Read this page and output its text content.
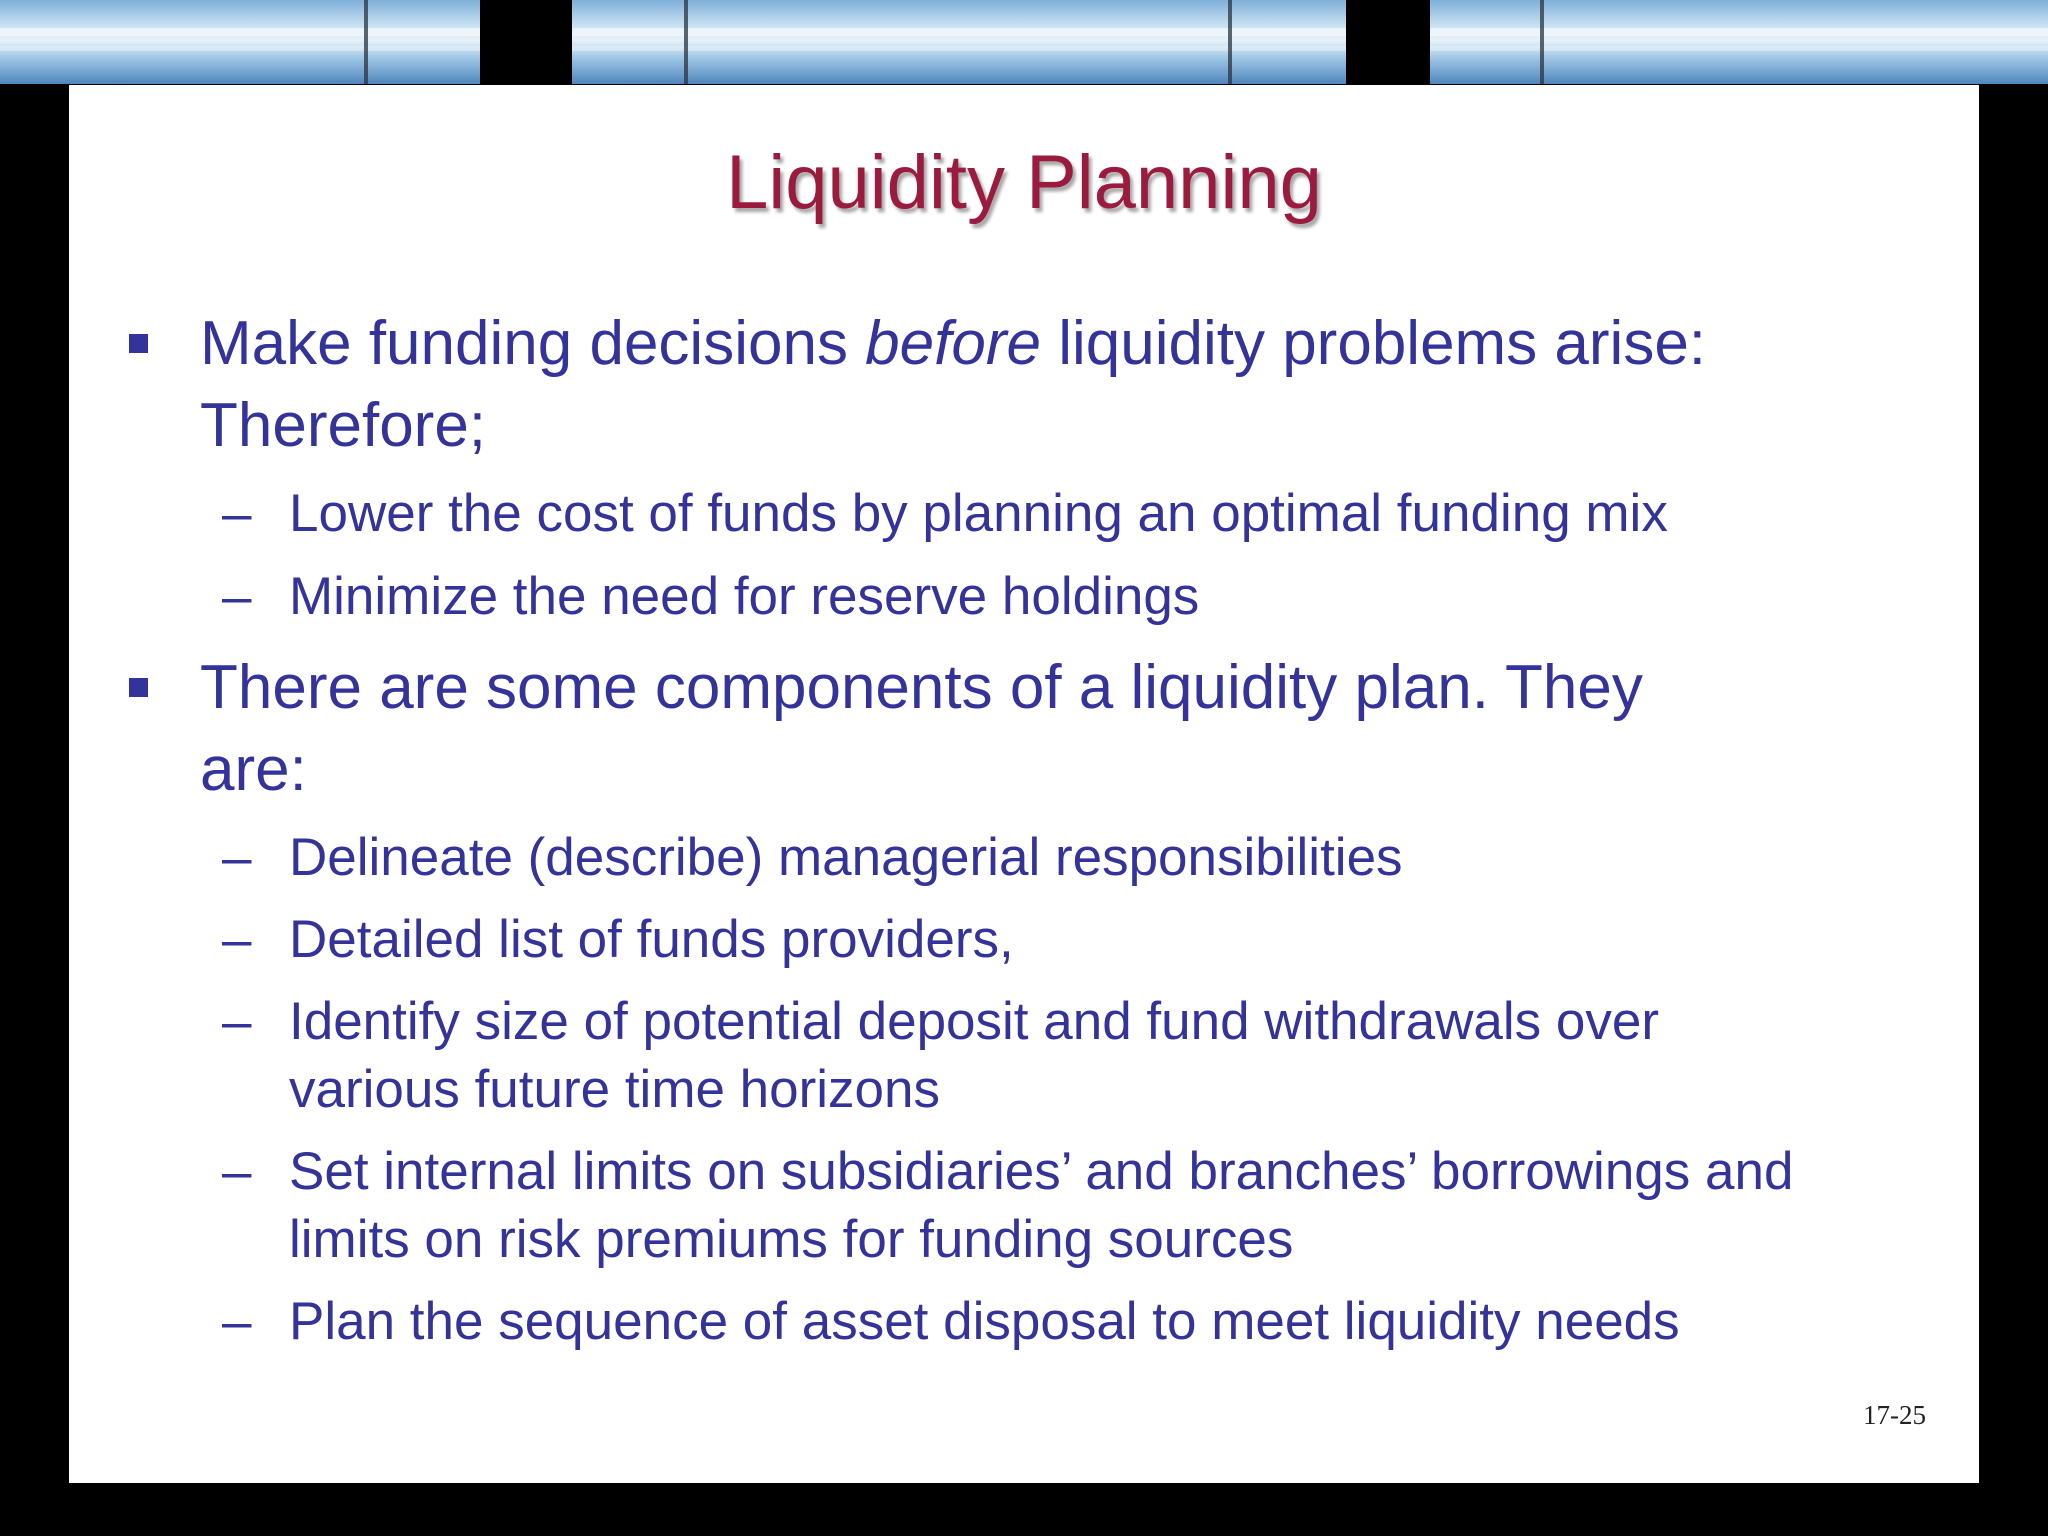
Liquidity Planning

Make funding decisions before liquidity problems arise:

Therefore;

– Lower the cost of funds by planning an optimal funding mix

– Minimize the need for reserve holdings

There are some components of a liquidity plan. They

are:

– Delineate (describe) managerial responsibilities

– Detailed list of funds providers,

– Identify size of potential deposit and fund withdrawals over

various future time horizons

– Set internal limits on subsidiaries’ and branches’ borrowings and

limits on risk premiums for funding sources

– Plan the sequence of asset disposal to meet liquidity needs

17-25
